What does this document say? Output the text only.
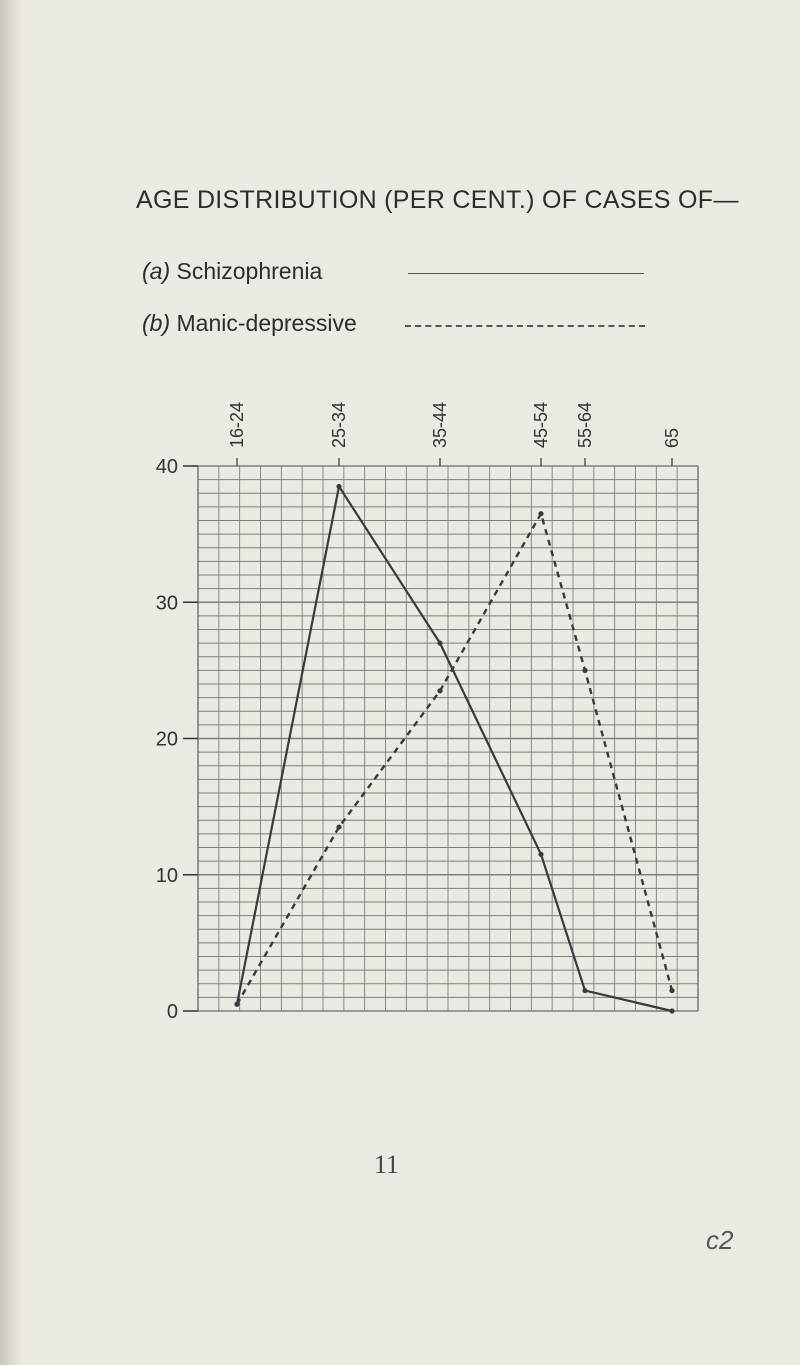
AGE DISTRIBUTION (PER CENT.) OF CASES OF—
(a) Schizophrenia
(b) Manic-depressive
0
10
20
30
40
16-24	25-34	35-44	45-54 55-64	65
11
c2
